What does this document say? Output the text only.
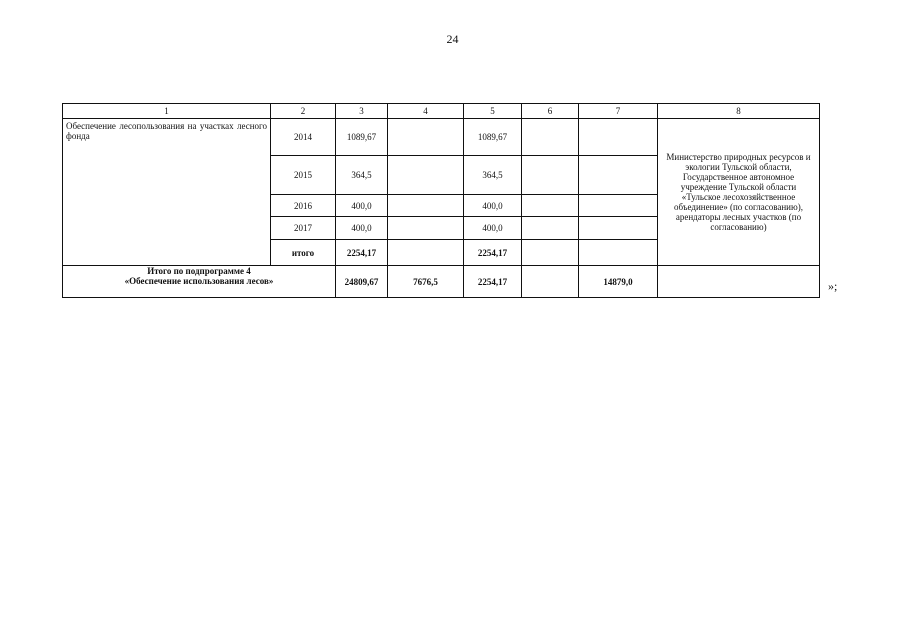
24
1	2	3	4	5	6	7	8
Обеспечение лесопользования на участках лесного фонда	2014	1089,67		1089,67			Министерство природных ресурсов и экологии Тульской области, Государственное автономное учреждение Тульской области «Тульское лесохозяйственное объединение» (по согласованию), арендаторы лесных участков (по согласованию)
	2015	364,5		364,5			
	2016	400,0		400,0			
	2017	400,0		400,0			
	итого	2254,17		2254,17			

Итого по подпрограмме 4
«Обеспечение использования лесов»		24809,67	7676,5	2254,17		14879,0		»;
